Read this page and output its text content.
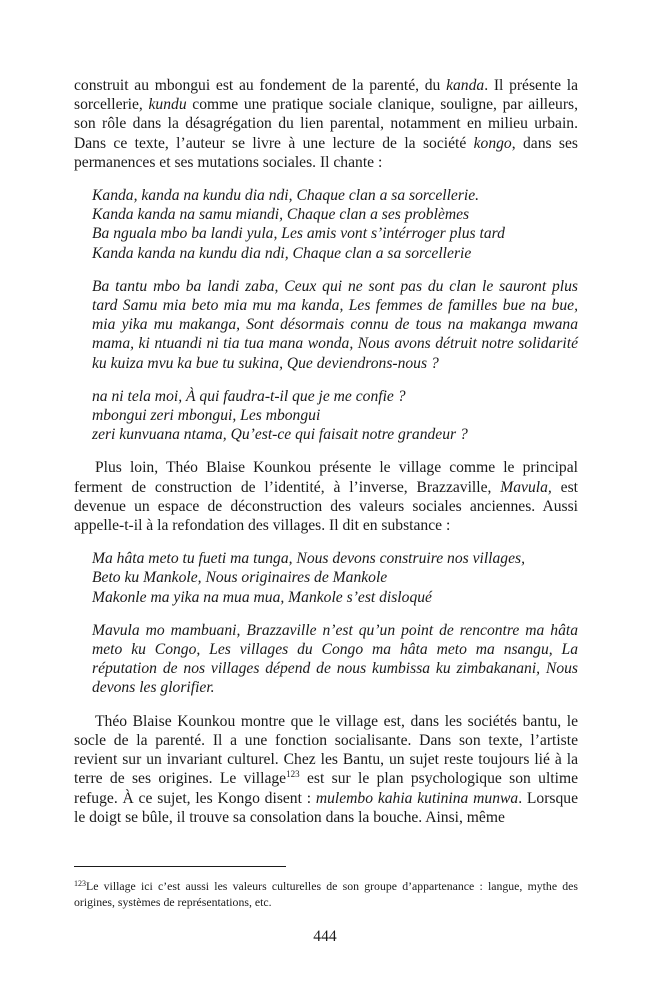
construit au mbongui est au fondement de la parenté, du kanda. Il présente la sorcellerie, kundu comme une pratique sociale clanique, souligne, par ailleurs, son rôle dans la désagrégation du lien parental, notamment en milieu urbain. Dans ce texte, l’auteur se livre à une lecture de la société kongo, dans ses permanences et ses mutations sociales. Il chante :

Kanda, kanda na kundu dia ndi, Chaque clan a sa sorcellerie.
Kanda kanda na samu miandi, Chaque clan a ses problèmes
Ba nguala mbo ba landi yula, Les amis vont s’intérroger plus tard
Kanda kanda na kundu dia ndi, Chaque clan a sa sorcellerie
Ba tantu mbo ba landi zaba, Ceux qui ne sont pas du clan le sauront plus tard Samu mia beto mia mu ma kanda, Les femmes de familles bue na bue, mia yika mu makanga, Sont désormais connu de tous na makanga mwana mama, ki ntuandi ni tia tua mana wonda, Nous avons détruit notre solidarité ku kuiza mvu ka bue tu sukina, Que deviendrons-nous ?
na ni tela moi, À qui faudra-t-il que je me confie ?
mbongui zeri mbongui, Les mbongui
zeri kunvuana ntama, Qu’est-ce qui faisait notre grandeur ?

Plus loin, Théo Blaise Kounkou présente le village comme le principal ferment de construction de l’identité, à l’inverse, Brazzaville, Mavula, est devenue un espace de déconstruction des valeurs sociales anciennes. Aussi appelle-t-il à la refondation des villages. Il dit en substance :

Ma hâta meto tu fueti ma tunga, Nous devons construire nos villages,
Beto ku Mankole, Nous originaires de Mankole
Makonle ma yika na mua mua, Mankole s’est disloqué
Mavula mo mambuani, Brazzaville n’est qu’un point de rencontre ma hâta meto ku Congo, Les villages du Congo ma hâta meto ma nsangu, La réputation de nos villages dépend de nous kumbissa ku zimbakanani, Nous devons les glorifier.

Théo Blaise Kounkou montre que le village est, dans les sociétés bantu, le socle de la parenté. Il a une fonction socialisante. Dans son texte, l’artiste revient sur un invariant culturel. Chez les Bantu, un sujet reste toujours lié à la terre de ses origines. Le village$^{123}$ est sur le plan psychologique son ultime refuge. À ce sujet, les Kongo disent : mulembo kahia kutinina munwa. Lorsque le doigt se bûle, il trouve sa consolation dans la bouche. Ainsi, même

$^{123}$Le village ici c’est aussi les valeurs culturelles de son groupe d’appartenance : langue, mythe des origines, systèmes de représentations, etc.
444
